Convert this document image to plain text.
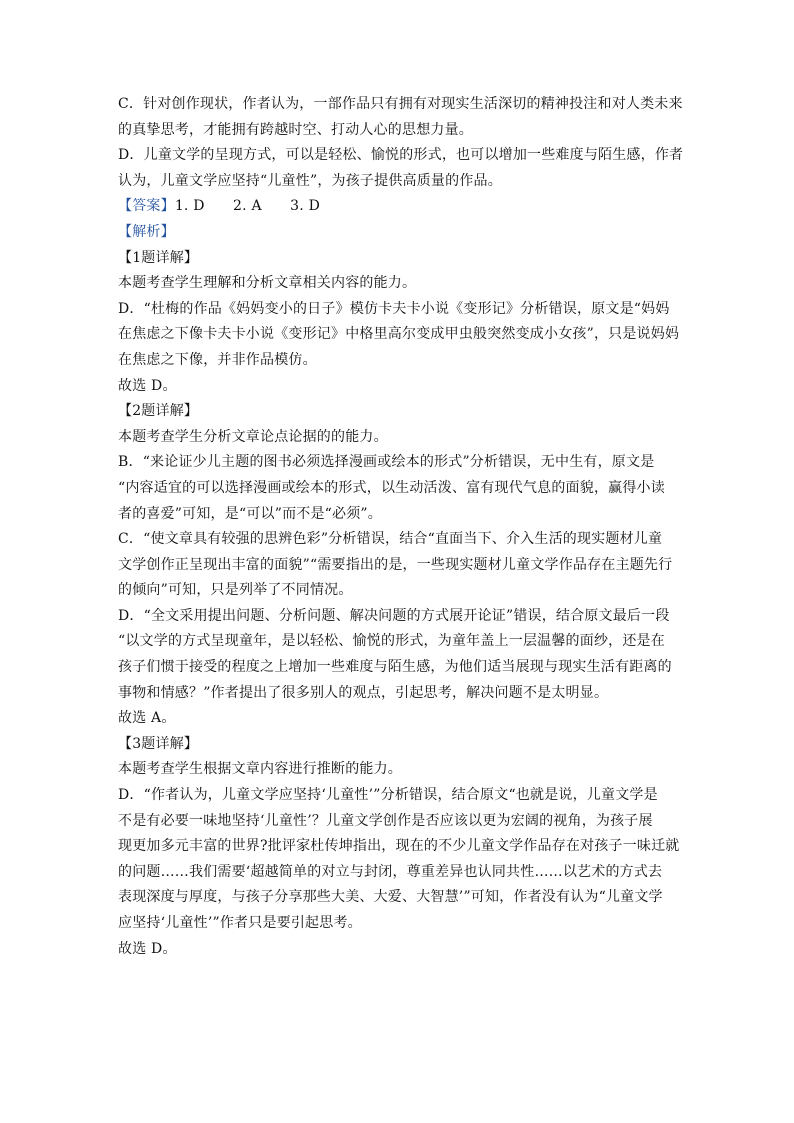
C．针对创作现状，作者认为，一部作品只有拥有对现实生活深切的精神投注和对人类未来
的真挚思考，才能拥有跨越时空、打动人心的思想力量。

D．儿童文学的呈现方式，可以是轻松、愉悦的形式，也可以增加一些难度与陌生感，作者
认为，儿童文学应坚持“儿童性”，为孩子提供高质量的作品。

【答案】1. D　　2. A　　3. D

【解析】

【1题详解】

本题考查学生理解和分析文章相关内容的能力。

D．“杜梅的作品《妈妈变小的日子》模仿卡夫卡小说《变形记》分析错误，原文是“妈妈
在焦虑之下像卡夫卡小说《变形记》中格里高尔变成甲虫般突然变成小女孩”，只是说妈妈
在焦虑之下像，并非作品模仿。

故选 D。

【2题详解】

本题考查学生分析文章论点论据的的能力。

B．“来论证少儿主题的图书必须选择漫画或绘本的形式”分析错误，无中生有，原文是
“内容适宜的可以选择漫画或绘本的形式，以生动活泼、富有现代气息的面貌，赢得小读
者的喜爱”可知，是“可以”而不是“必须”。

C．“使文章具有较强的思辨色彩”分析错误，结合“直面当下、介入生活的现实题材儿童
文学创作正呈现出丰富的面貌”“需要指出的是，一些现实题材儿童文学作品存在主题先行
的倾向”可知，只是列举了不同情况。

D．“全文采用提出问题、分析问题、解决问题的方式展开论证”错误，结合原文最后一段
“以文学的方式呈现童年，是以轻松、愉悦的形式，为童年盖上一层温馨的面纱，还是在
孩子们惯于接受的程度之上增加一些难度与陌生感，为他们适当展现与现实生活有距离的
事物和情感？”作者提出了很多别人的观点，引起思考，解决问题不是太明显。

故选 A。

【3题详解】

本题考查学生根据文章内容进行推断的能力。

D．“作者认为，儿童文学应坚持‘儿童性’”分析错误，结合原文“也就是说，儿童文学是
不是有必要一味地坚持‘儿童性’？儿童文学创作是否应该以更为宏阔的视角，为孩子展
现更加多元丰富的世界?批评家杜传坤指出，现在的不少儿童文学作品存在对孩子一味迁就
的问题……我们需要‘超越简单的对立与封闭，尊重差异也认同共性……以艺术的方式去
表现深度与厚度，与孩子分享那些大美、大爱、大智慧’”可知，作者没有认为“儿童文学
应坚持‘儿童性’”作者只是要引起思考。

故选 D。
